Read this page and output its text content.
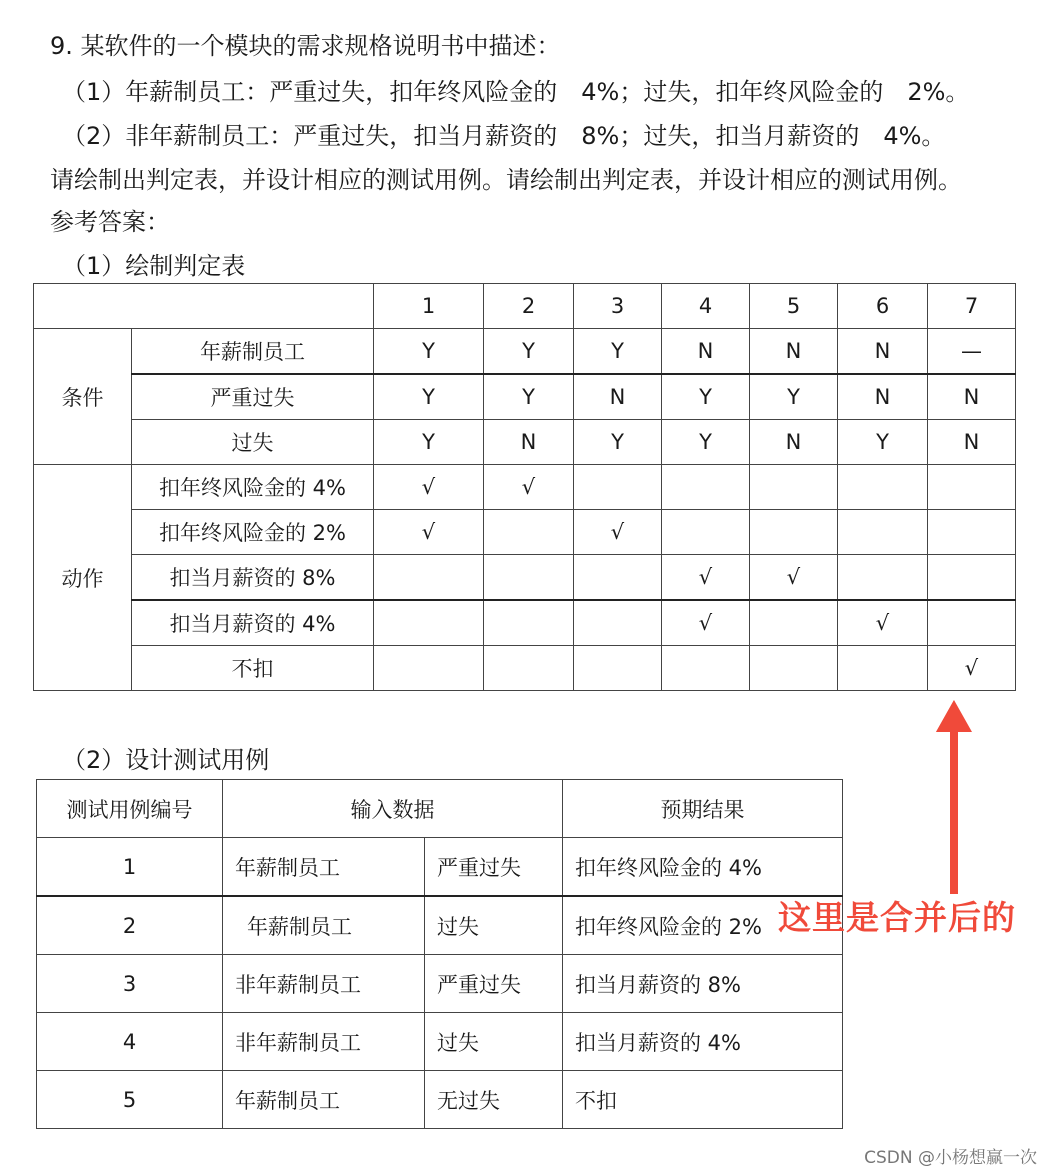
9. 某软件的一个模块的需求规格说明书中描述：
（1）年薪制员工：严重过失，扣年终风险金的　4%；过失，扣年终风险金的　2%。
（2）非年薪制员工：严重过失，扣当月薪资的　8%；过失，扣当月薪资的　4%。
请绘制出判定表，并设计相应的测试用例。请绘制出判定表，并设计相应的测试用例。
参考答案：
（1）绘制判定表
		1	2	3	4	5	6	7
条件	年薪制员工	Y	Y	Y	N	N	N	—
	严重过失	Y	Y	N	Y	Y	N	N
	过失	Y	N	Y	Y	N	Y	N
动作	扣年终风险金的 4%	√	√					
	扣年终风险金的 2%	√		√				
	扣当月薪资的 8%				√	√		
	扣当月薪资的 4%				√		√	
	不扣							√
（2）设计测试用例
测试用例编号	输入数据		预期结果
1	年薪制员工	严重过失	扣年终风险金的 4%
2	年薪制员工	过失	扣年终风险金的 2%
3	非年薪制员工	严重过失	扣当月薪资的 8%
4	非年薪制员工	过失	扣当月薪资的 4%
5	年薪制员工	无过失	不扣
这里是合并后的
CSDN @小杨想赢一次
